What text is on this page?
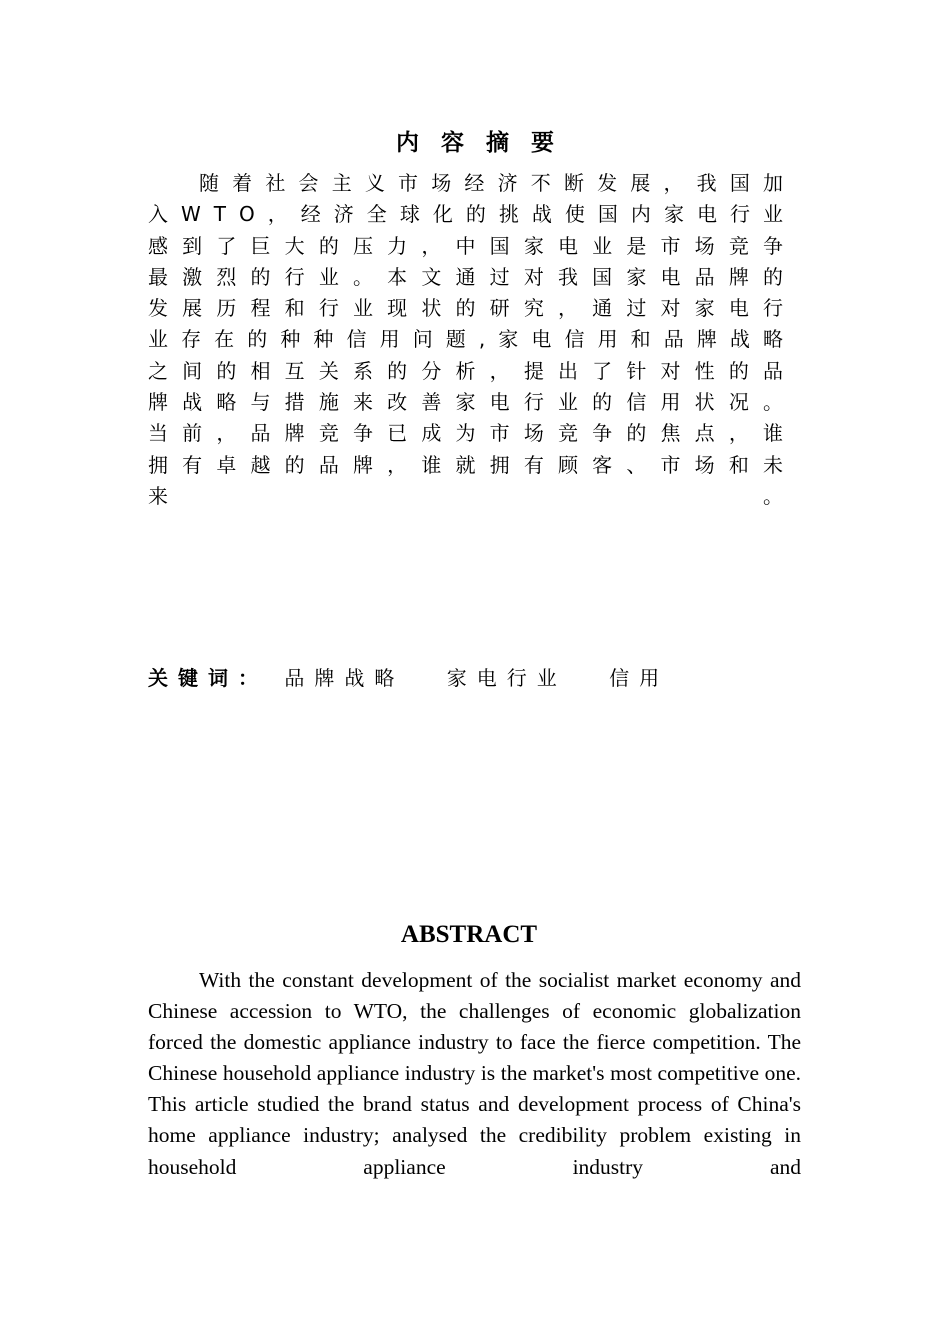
内容摘要

随着社会主义市场经济不断发展，我国加入WTO，经济全球化的挑战使国内家电行业感到了巨大的压力，中国家电业是市场竞争最激烈的行业。本文通过对我国家电品牌的发展历程和行业现状的研究，通过对家电行业存在的种种信用问题,家电信用和品牌战略之间的相互关系的分析，提出了针对性的品牌战略与措施来改善家电行业的信用状况。当前，品牌竞争已成为市场竞争的焦点，谁拥有卓越的品牌，谁就拥有顾客、市场和未来。

关键词： 品牌战略 家电行业 信用
ABSTRACT

With the constant development of the socialist market economy and Chinese accession to WTO, the challenges of economic globalization forced the domestic appliance industry to face the fierce competition. The Chinese household appliance industry is the market's most competitive one. This article studied the brand status and development process of China's home appliance industry; analysed the credibility problem existing in household appliance industry and
